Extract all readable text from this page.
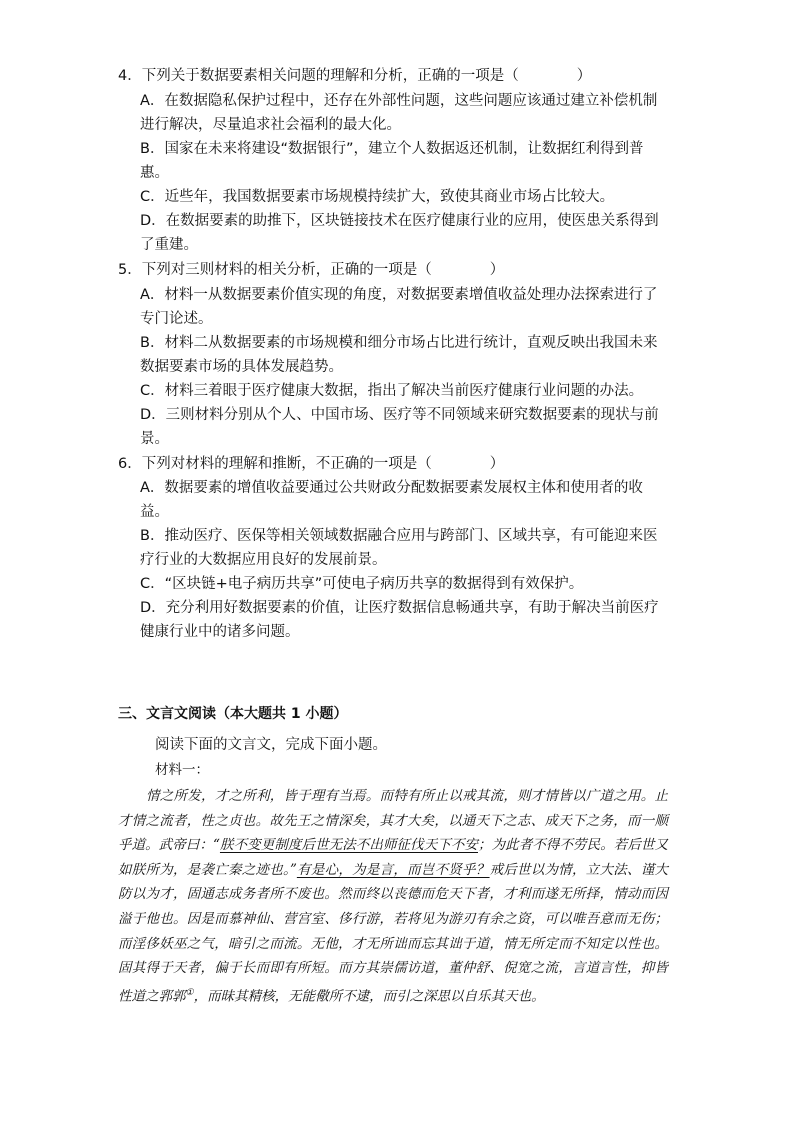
4．下列关于数据要素相关问题的理解和分析，正确的一项是（　　　　）
A．在数据隐私保护过程中，还存在外部性问题，这些问题应该通过建立补偿机制进行解决，尽量追求社会福利的最大化。
B．国家在未来将建设“数据银行”，建立个人数据返还机制，让数据红利得到普惠。
C．近些年，我国数据要素市场规模持续扩大，致使其商业市场占比较大。
D．在数据要素的助推下，区块链接技术在医疗健康行业的应用，使医患关系得到了重建。
5．下列对三则材料的相关分析，正确的一项是（　　　　）
A．材料一从数据要素价值实现的角度，对数据要素增值收益处理办法探索进行了专门论述。
B．材料二从数据要素的市场规模和细分市场占比进行统计，直观反映出我国未来数据要素市场的具体发展趋势。
C．材料三着眼于医疗健康大数据，指出了解决当前医疗健康行业问题的办法。
D．三则材料分别从个人、中国市场、医疗等不同领域来研究数据要素的现状与前景。
6．下列对材料的理解和推断，不正确的一项是（　　　　）
A．数据要素的增值收益要通过公共财政分配数据要素发展权主体和使用者的收益。
B．推动医疗、医保等相关领域数据融合应用与跨部门、区域共享，有可能迎来医疗行业的大数据应用良好的发展前景。
C．“区块链+电子病历共享”可使电子病历共享的数据得到有效保护。
D．充分利用好数据要素的价值，让医疗数据信息畅通共享，有助于解决当前医疗健康行业中的诸多问题。
三、文言文阅读（本大题共 1 小题）
阅读下面的文言文，完成下面小题。
材料一：
情之所发，才之所利，皆于理有当焉。而特有所止以戒其流，则才情皆以广道之用。止才情之流者，性之贞也。故先王之情深矣，其才大矣，以通天下之志、成天下之务，而一顺乎道。武帝曰：“朕不变更制度后世无法不出师征伐天下不安；为此者不得不劳民。若后世又如朕所为，是袭亡秦之迹也。”有是心，为是言，而岂不贤乎？戒后世以为情，立大法、谨大防以为才，固通志成务者所不废也。然而终以丧德而危天下者，才利而遂无所择，情动而因溢于他也。因是而慕神仙、营宫室、侈行游，若将见为游刃有余之资，可以唯吾意而无伤；而淫侈妖巫之气，暗引之而流。无他，才无所诎而忘其诎于道，情无所定而不知定以性也。固其得于天者，偏于长而即有所短。而方其崇儒访道，董仲舒、倪宽之流，言道言性，抑皆性道之郛郭①，而昧其精核，无能儆所不逮，而引之深思以自乐其天也。
